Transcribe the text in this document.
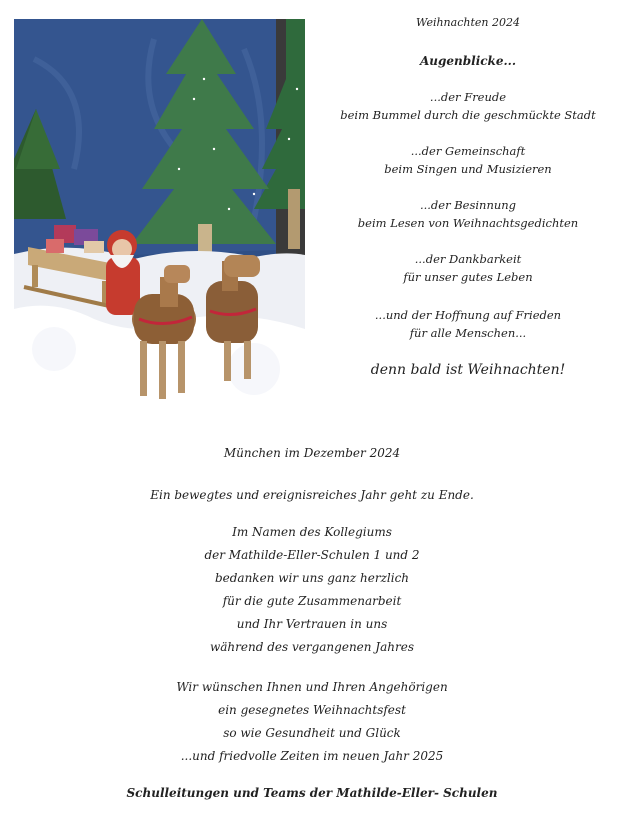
Weihnachten 2024
Augenblicke...
...der Freude
beim Bummel durch die geschmückte Stadt
...der Gemeinschaft
beim Singen und Musizieren
...der Besinnung
beim Lesen von Weihnachtsgedichten
...der Dankbarkeit
für unser gutes Leben
...und der Hoffnung auf Frieden
für alle Menschen...
denn bald ist Weihnachten!
München im Dezember 2024
Ein bewegtes und ereignisreiches Jahr geht zu Ende.
Im Namen des Kollegiums
der Mathilde-Eller-Schulen 1 und 2
bedanken wir uns ganz herzlich
für die gute Zusammenarbeit
und Ihr Vertrauen in uns
während des vergangenen Jahres
Wir wünschen Ihnen und Ihren Angehörigen
ein gesegnetes Weihnachtsfest
so wie Gesundheit und Glück
...und friedvolle Zeiten im neuen Jahr 2025
Schulleitungen und Teams der Mathilde-Eller- Schulen
